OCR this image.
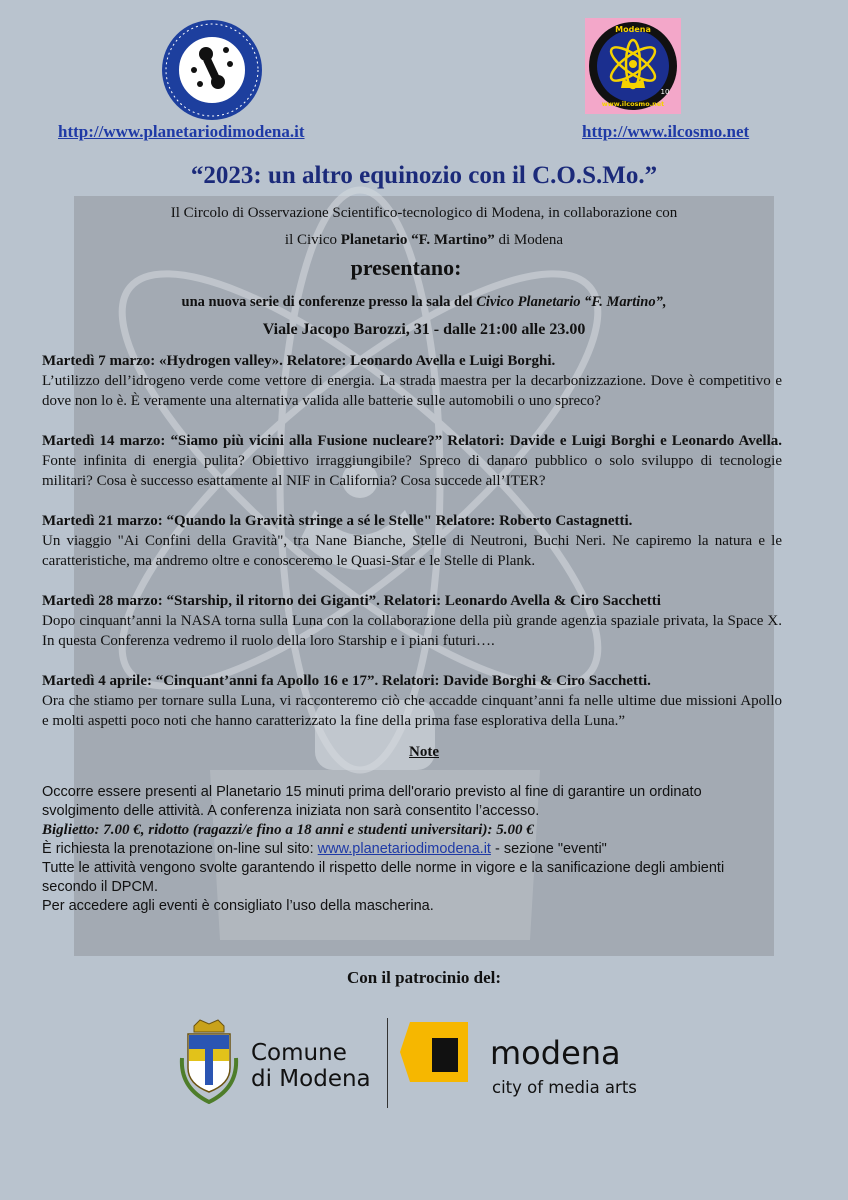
Modena
www.ilcosmo.net
10
http://www.planetariodimodena.it	http://www.ilcosmo.net
“2023: un altro equinozio con il C.O.S.Mo.”
Il Circolo di Osservazione Scientifico-tecnologico di Modena, in collaborazione con
il Civico Planetario “F. Martino” di Modena
presentano:
una nuova serie di conferenze presso la sala del Civico Planetario “F. Martino”,
Viale Jacopo Barozzi, 31 - dalle 21:00 alle 23.00
Martedì 7 marzo: «Hydrogen valley». Relatore: Leonardo Avella e Luigi Borghi.
L’utilizzo dell’idrogeno verde come vettore di energia. La strada maestra per la decarbonizzazione. Dove è competitivo e dove non lo è. È veramente una alternativa valida alle batterie sulle automobili o uno spreco?
Martedì 14 marzo: “Siamo più vicini alla Fusione nucleare?” Relatori: Davide e Luigi Borghi e Leonardo Avella. Fonte infinita di energia pulita? Obiettivo irraggiungibile? Spreco di danaro pubblico o solo sviluppo di tecnologie militari? Cosa è successo esattamente al NIF in California? Cosa succede all’ITER?
Martedì 21 marzo: “Quando la Gravità stringe a sé le Stelle" Relatore: Roberto Castagnetti.
Un viaggio "Ai Confini della Gravità", tra Nane Bianche, Stelle di Neutroni, Buchi Neri. Ne capiremo la natura e le caratteristiche, ma andremo oltre e conosceremo le Quasi-Star e le Stelle di Plank.
Martedì 28 marzo: “Starship, il ritorno dei Giganti”. Relatori: Leonardo Avella & Ciro Sacchetti
Dopo cinquant’anni la NASA torna sulla Luna con la collaborazione della più grande agenzia spaziale privata, la Space X. In questa Conferenza vedremo il ruolo della loro Starship e i piani futuri….
Martedì 4 aprile: “Cinquant’anni fa Apollo 16 e 17”. Relatori: Davide Borghi & Ciro Sacchetti.
Ora che stiamo per tornare sulla Luna, vi racconteremo ciò che accadde cinquant’anni fa nelle ultime due missioni Apollo e molti aspetti poco noti che hanno caratterizzato la fine della prima fase esplorativa della Luna.”
Note
Occorre essere presenti al Planetario 15 minuti prima dell'orario previsto al fine di garantire un ordinato svolgimento delle attività. A conferenza iniziata non sarà consentito l’accesso.
Biglietto: 7.00 €, ridotto (ragazzi/e fino a 18 anni e studenti universitari): 5.00 €
È richiesta la prenotazione on-line sul sito: www.planetariodimodena.it - sezione "eventi"
Tutte le attività vengono svolte garantendo il rispetto delle norme in vigore e la sanificazione degli ambienti secondo il DPCM.
Per accedere agli eventi è consigliato l’uso della mascherina.
Con il patrocinio del:
Comune
di Modena
modena
city of media arts
